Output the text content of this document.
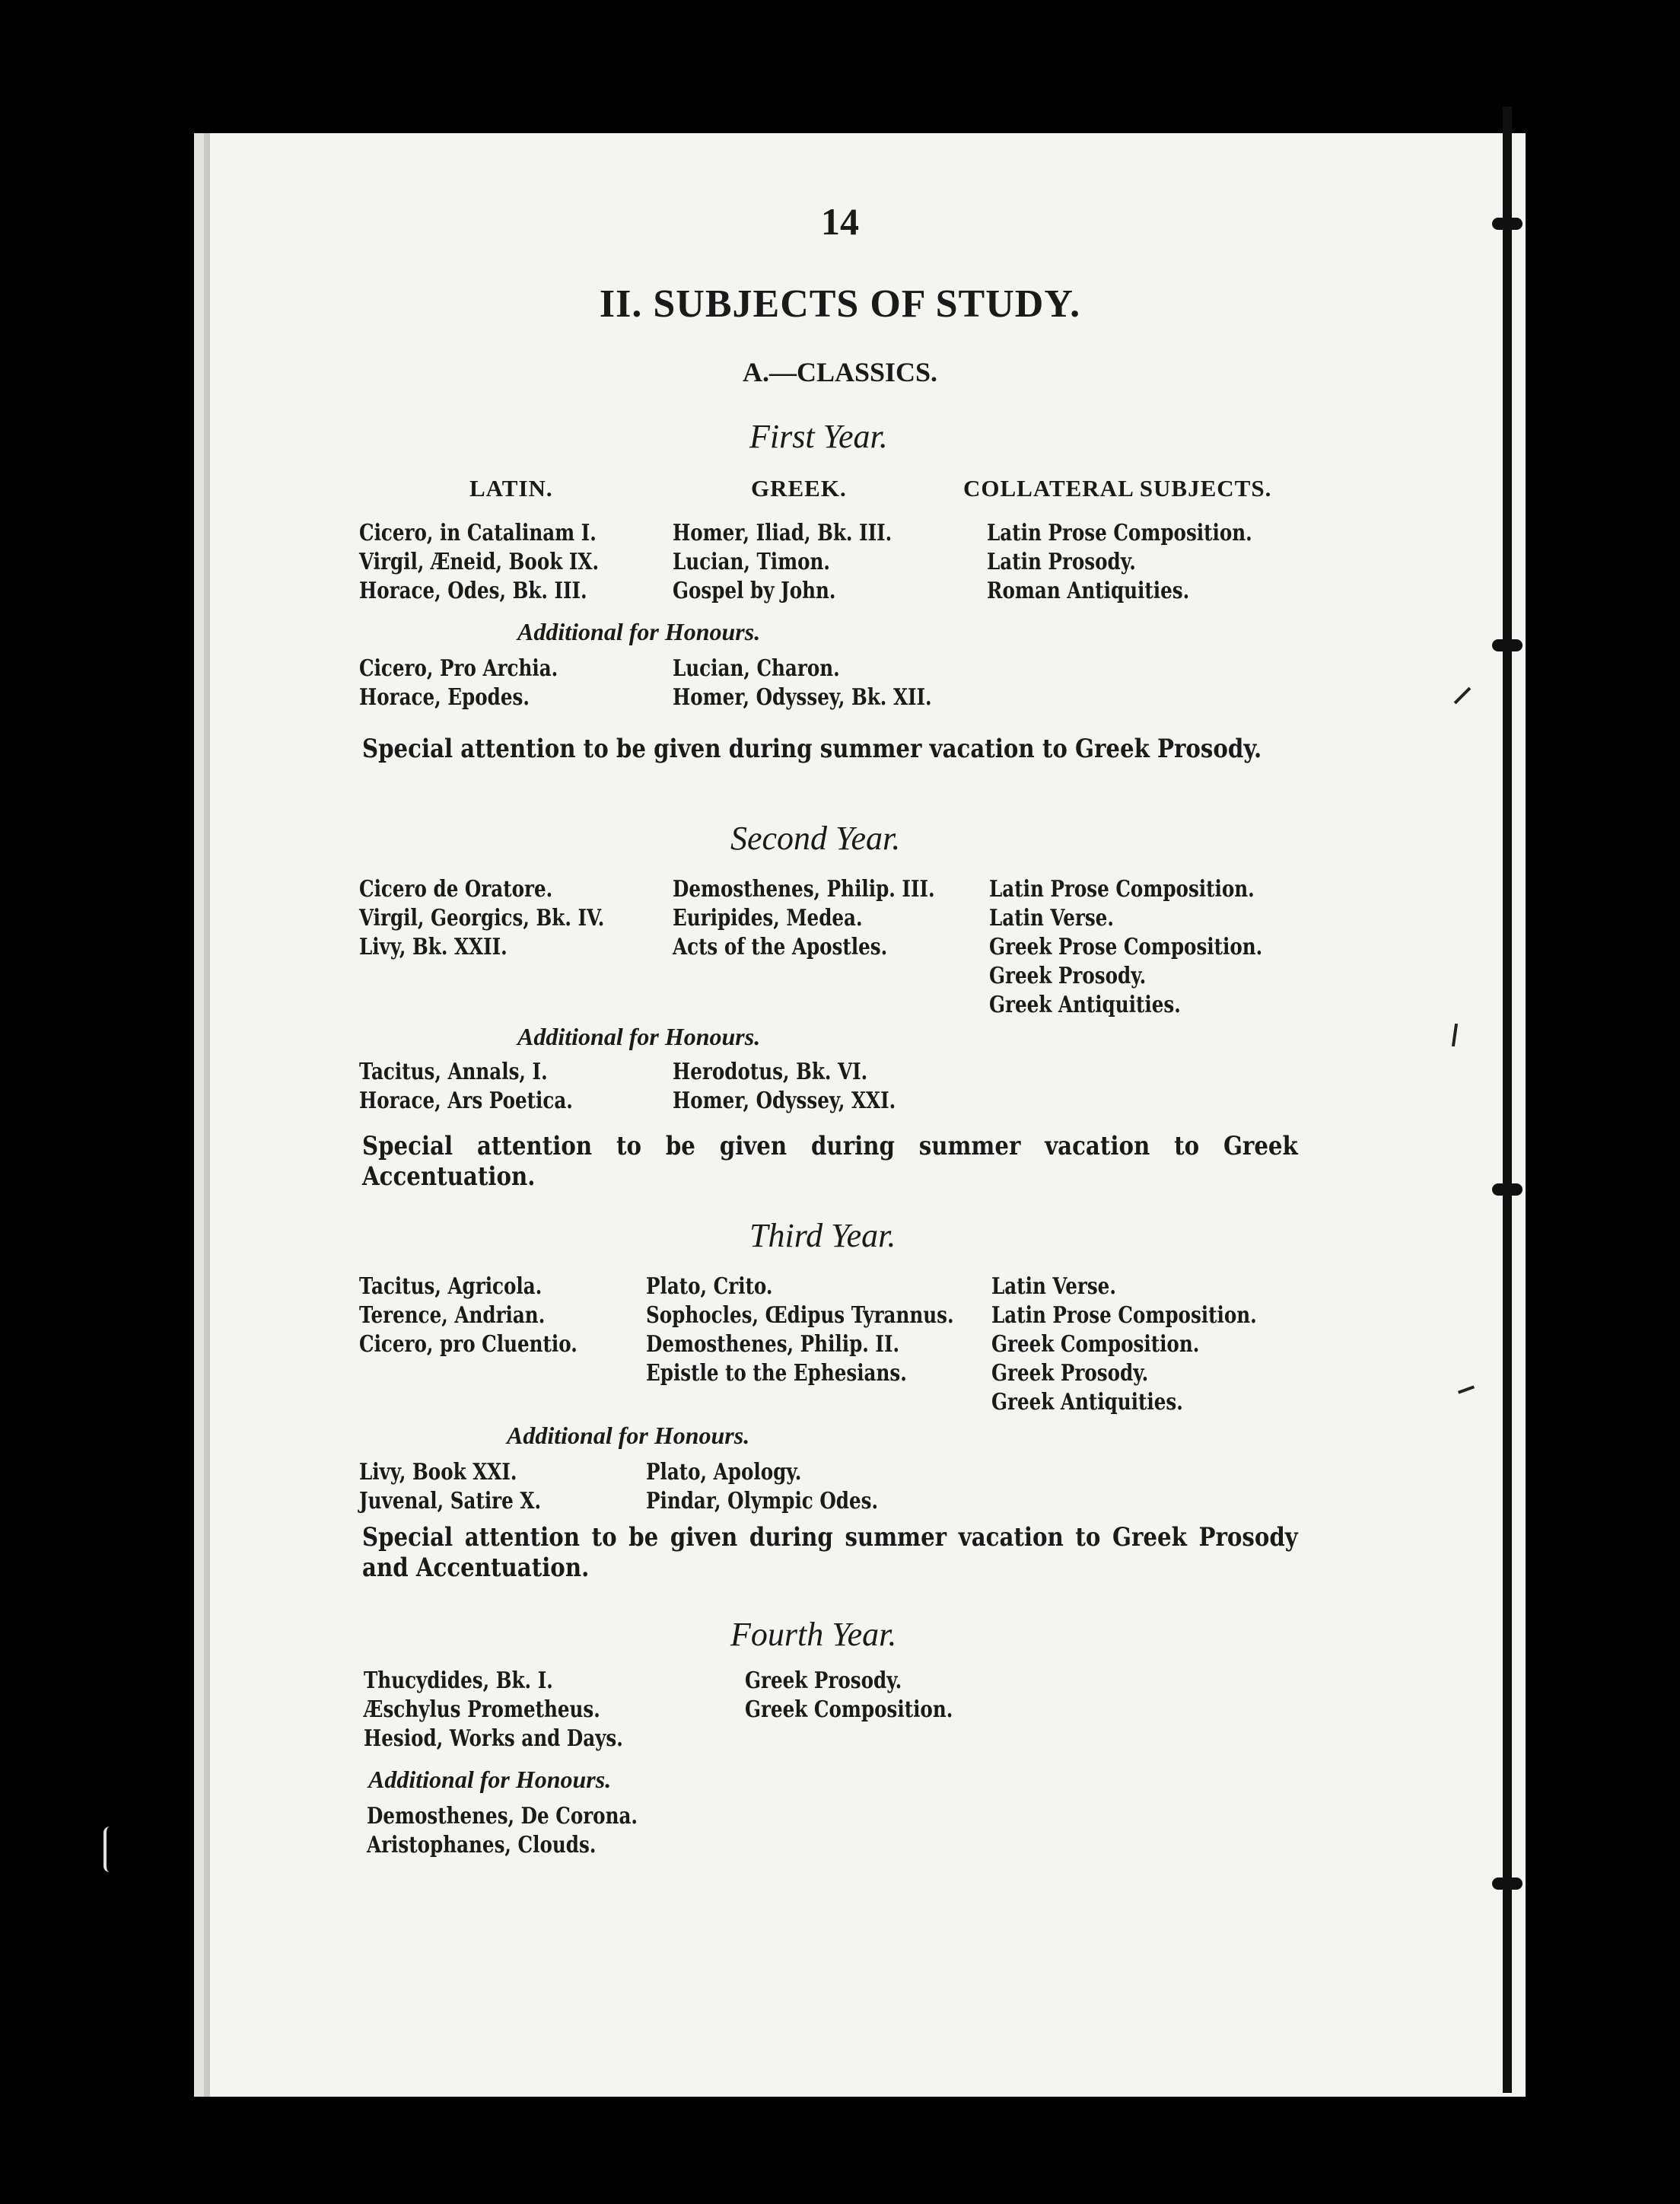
14
II. SUBJECTS OF STUDY.
A.—CLASSICS.
First Year.
LATIN.	GREEK.	COLLATERAL SUBJECTS.
Cicero, in Catalinam I.
Virgil, Æneid, Book IX.
Horace, Odes, Bk. III.
Homer, Iliad, Bk. III.
Lucian, Timon.
Gospel by John.
Latin Prose Composition.
Latin Prosody.
Roman Antiquities.
Additional for Honours.
Cicero, Pro Archia.
Horace, Epodes.
Lucian, Charon.
Homer, Odyssey, Bk. XII.
Special attention to be given during summer vacation to Greek Prosody.
Second Year.
Cicero de Oratore.
Virgil, Georgics, Bk. IV.
Livy, Bk. XXII.
Demosthenes, Philip. III.
Euripides, Medea.
Acts of the Apostles.
Latin Prose Composition.
Latin Verse.
Greek Prose Composition.
Greek Prosody.
Greek Antiquities.
Additional for Honours.
Tacitus, Annals, I.
Horace, Ars Poetica.
Herodotus, Bk. VI.
Homer, Odyssey, XXI.
Special attention to be given during summer vacation to Greek Accentuation.
Third Year.
Tacitus, Agricola.
Terence, Andrian.
Cicero, pro Cluentio.
Plato, Crito.
Sophocles, Œdipus Tyrannus.
Demosthenes, Philip. II.
Epistle to the Ephesians.
Latin Verse.
Latin Prose Composition.
Greek Composition.
Greek Prosody.
Greek Antiquities.
Additional for Honours.
Livy, Book XXI.
Juvenal, Satire X.
Plato, Apology.
Pindar, Olympic Odes.
Special attention to be given during summer vacation to Greek Prosody and Accentuation.
Fourth Year.
Thucydides, Bk. I.
Æschylus Prometheus.
Hesiod, Works and Days.
Greek Prosody.
Greek Composition.
Additional for Honours.
Demosthenes, De Corona.
Aristophanes, Clouds.
